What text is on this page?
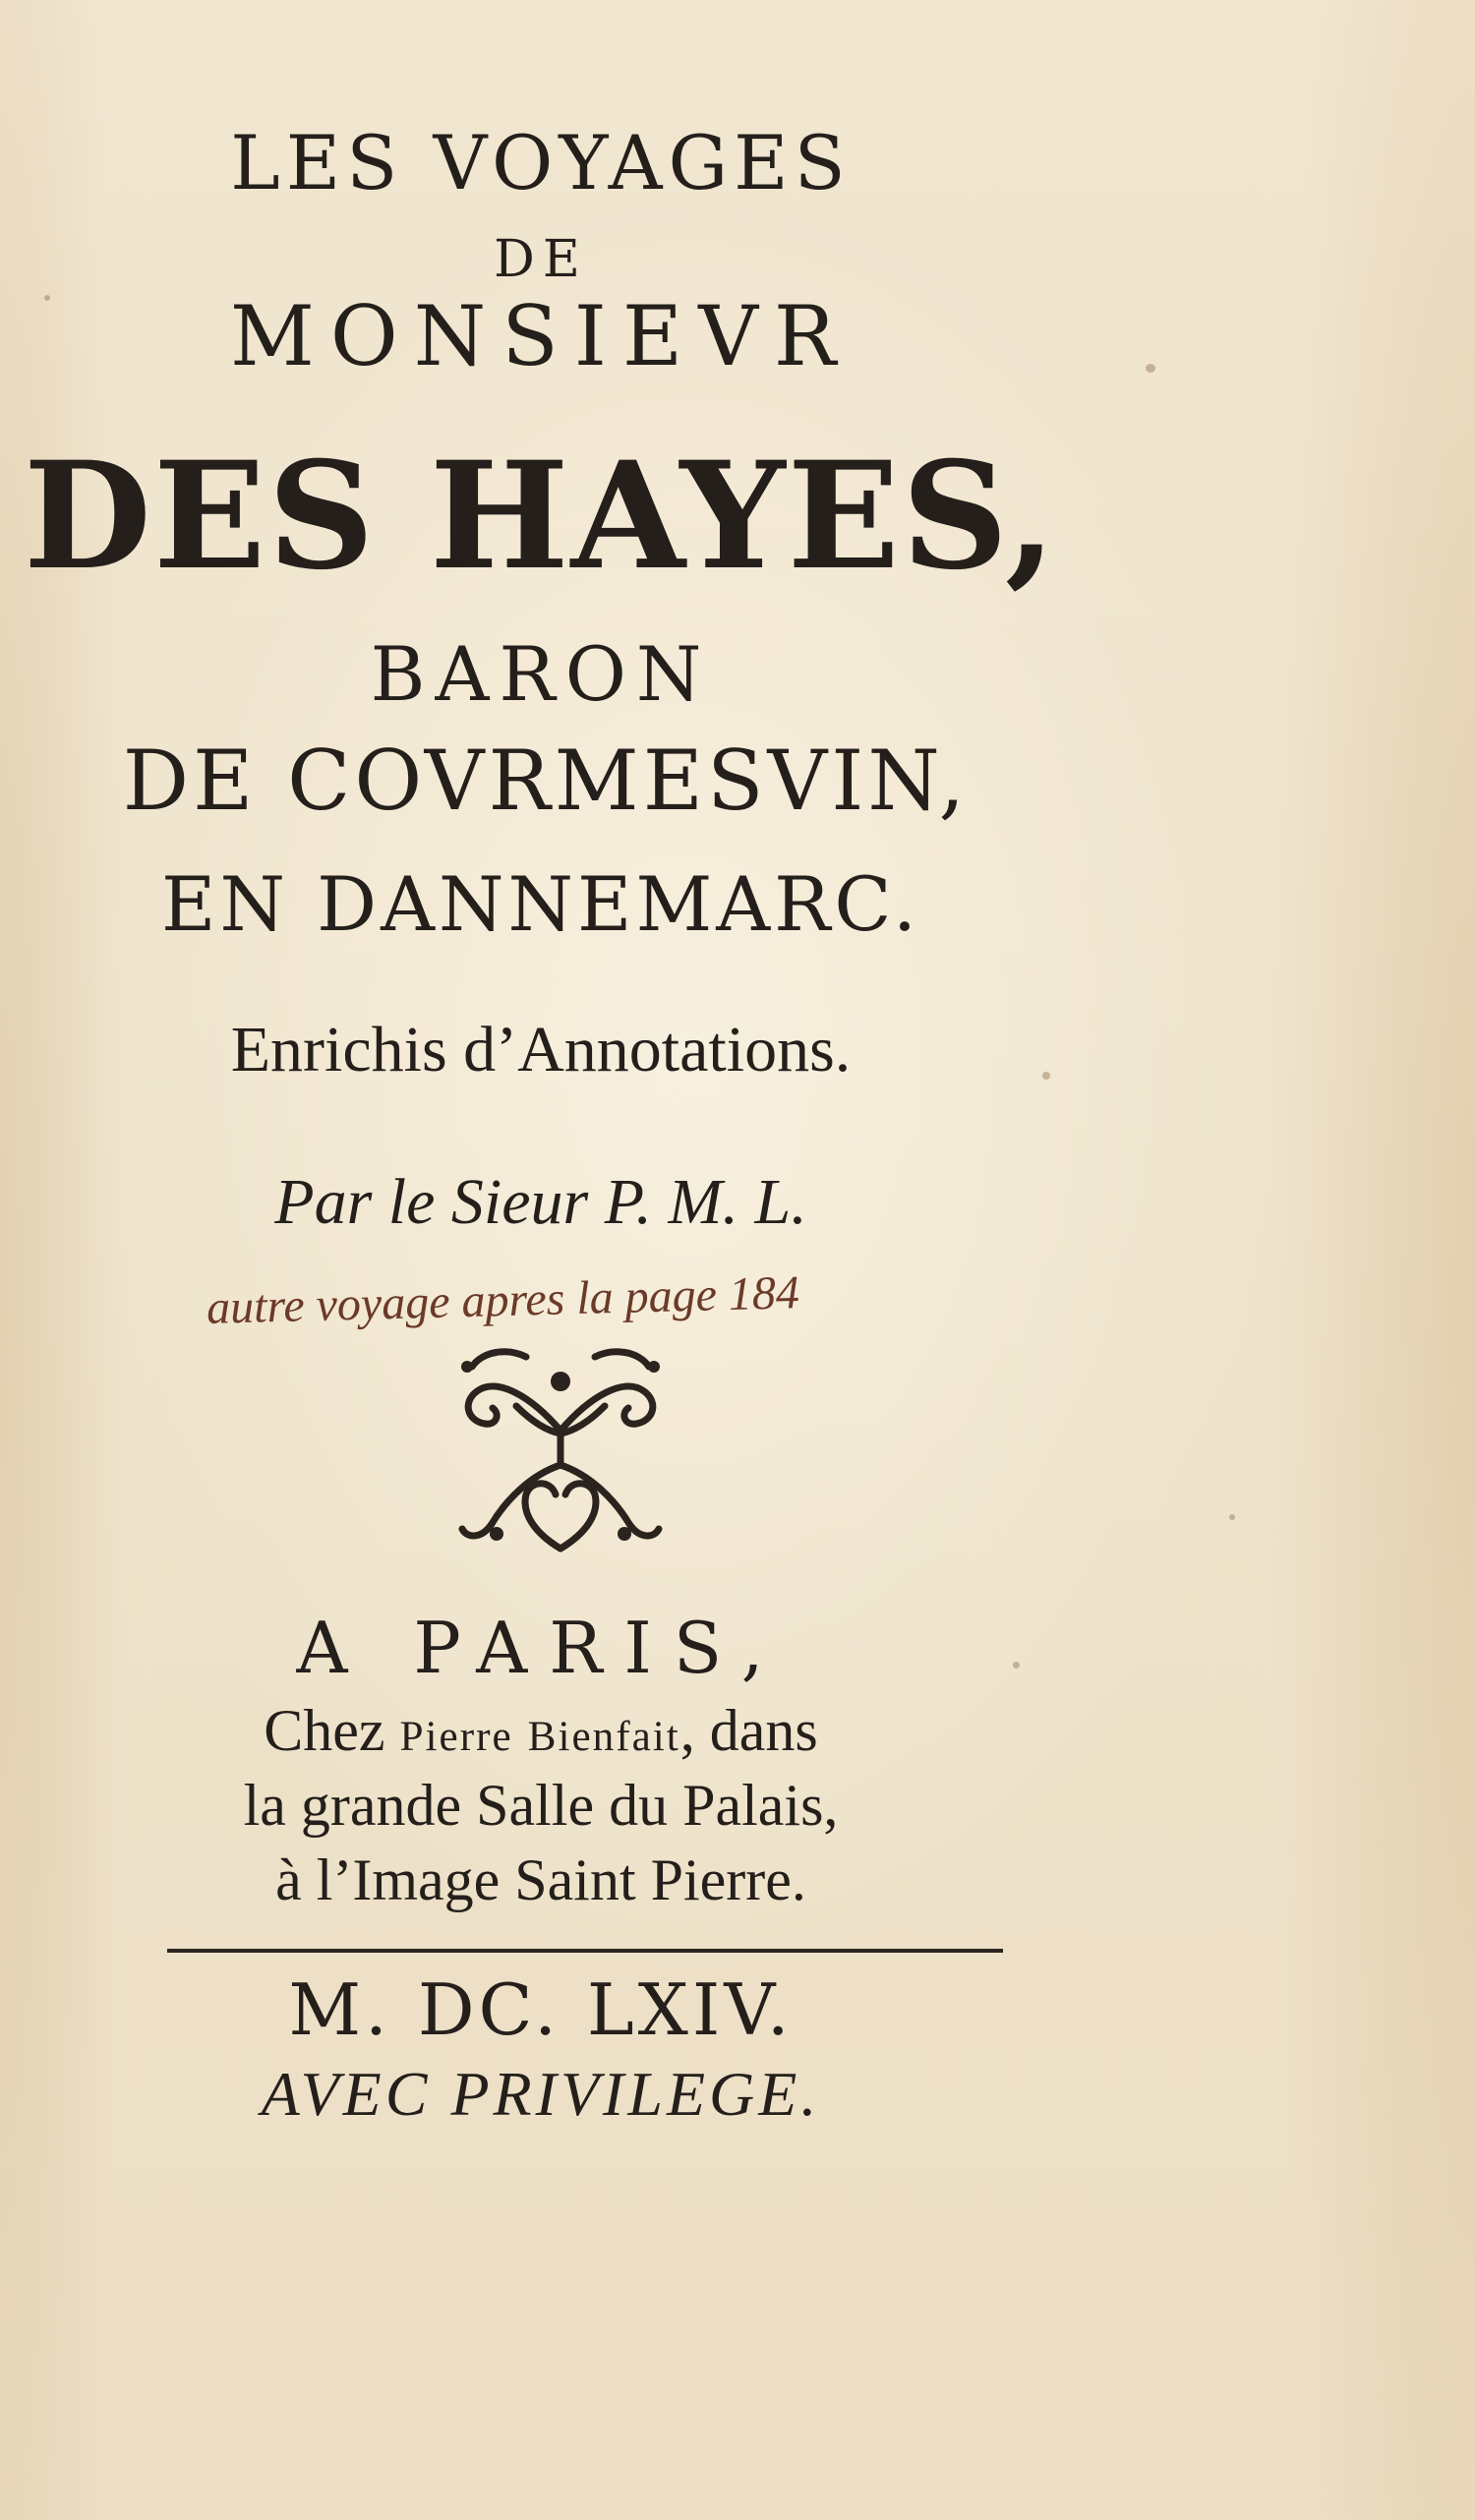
LES VOYAGES
DE
MONSIEVR
DES HAYES,
BARON
DE COVRMESVIN,
EN DANNEMARC.
Enrichis d’Annotations.
Par le Sieur P. M. L.
autre voyage apres la page 184
A PARIS,
Chez Pierre Bienfait, dans
la grande Salle du Palais,
à l’Image Saint Pierre.
M. DC. LXIV.
AVEC PRIVILEGE.
